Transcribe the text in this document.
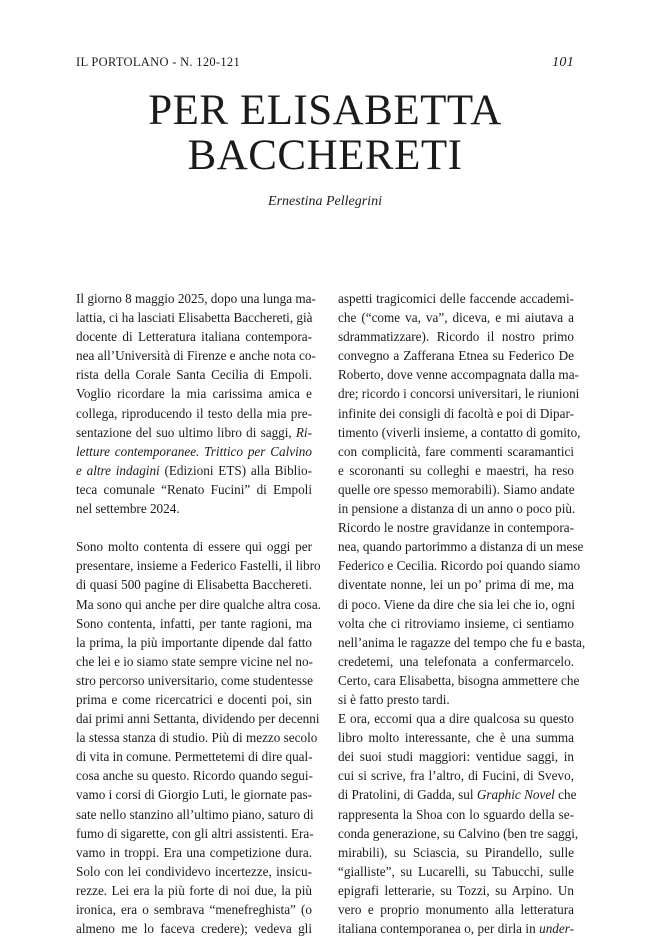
IL PORTOLANO - N. 120-121	101
PER ELISABETTA
BACCHERETI
Ernestina Pellegrini
Il giorno 8 maggio 2025, dopo una lunga ma-
lattia, ci ha lasciati Elisabetta Bacchereti, già
docente di Letteratura italiana contempora-
nea all’Università di Firenze e anche nota co-
rista della Corale Santa Cecilia di Empoli.
Voglio ricordare la mia carissima amica e
collega, riproducendo il testo della mia pre-
sentazione del suo ultimo libro di saggi, Ri-
letture contemporanee. Trittico per Calvino
e altre indagini (Edizioni ETS) alla Biblio-
teca comunale “Renato Fucini” di Empoli
nel settembre 2024.
Sono molto contenta di essere qui oggi per
presentare, insieme a Federico Fastelli, il libro
di quasi 500 pagine di Elisabetta Bacchereti.
Ma sono qui anche per dire qualche altra cosa.
Sono contenta, infatti, per tante ragioni, ma
la prima, la più importante dipende dal fatto
che lei e io siamo state sempre vicine nel no-
stro percorso universitario, come studentesse
prima e come ricercatrici e docenti poi, sin
dai primi anni Settanta, dividendo per decenni
la stessa stanza di studio. Più di mezzo secolo
di vita in comune. Permettetemi di dire qual-
cosa anche su questo. Ricordo quando segui-
vamo i corsi di Giorgio Luti, le giornate pas-
sate nello stanzino all’ultimo piano, saturo di
fumo di sigarette, con gli altri assistenti. Era-
vamo in troppi. Era una competizione dura.
Solo con lei condividevo incertezze, insicu-
rezze. Lei era la più forte di noi due, la più
ironica, era o sembrava “menefreghista” (o
almeno me lo faceva credere); vedeva gli
aspetti tragicomici delle faccende accademi-
che (“come va, va”, diceva, e mi aiutava a
sdrammatizzare). Ricordo il nostro primo
convegno a Zafferana Etnea su Federico De
Roberto, dove venne accompagnata dalla ma-
dre; ricordo i concorsi universitari, le riunioni
infinite dei consigli di facoltà e poi di Dipar-
timento (viverli insieme, a contatto di gomito,
con complicità, fare commenti scaramantici
e scoronanti su colleghi e maestri, ha reso
quelle ore spesso memorabili). Siamo andate
in pensione a distanza di un anno o poco più.
Ricordo le nostre gravidanze in contempora-
nea, quando partorimmo a distanza di un mese
Federico e Cecilia. Ricordo poi quando siamo
diventate nonne, lei un po’ prima di me, ma
di poco. Viene da dire che sia lei che io, ogni
volta che ci ritroviamo insieme, ci sentiamo
nell’anima le ragazze del tempo che fu e basta,
credetemi, una telefonata a confermarcelo.
Certo, cara Elisabetta, bisogna ammettere che
si è fatto presto tardi.
E ora, eccomi qua a dire qualcosa su questo
libro molto interessante, che è una summa
dei suoi studi maggiori: ventidue saggi, in
cui si scrive, fra l’altro, di Fucini, di Svevo,
di Pratolini, di Gadda, sul Graphic Novel che
rappresenta la Shoa con lo sguardo della se-
conda generazione, su Calvino (ben tre saggi,
mirabili), su Sciascia, su Pirandello, sulle
“gialliste”, su Lucarelli, su Tabucchi, sulle
epigrafi letterarie, su Tozzi, su Arpino. Un
vero e proprio monumento alla letteratura
italiana contemporanea o, per dirla in under-
